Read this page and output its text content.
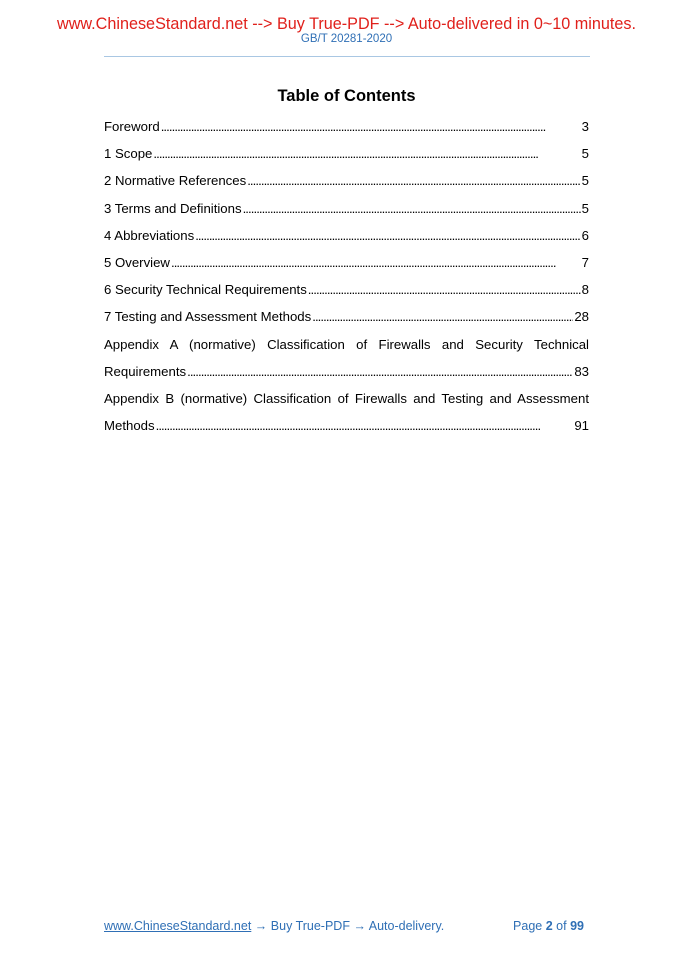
www.ChineseStandard.net --> Buy True-PDF --> Auto-delivered in 0~10 minutes.
GB/T 20281-2020
Table of Contents
Foreword . . .	3
1 Scope . . .	5
2 Normative References . . .	5
3 Terms and Definitions . . .	5
4 Abbreviations . . .	6
5 Overview . . .	7
6 Security Technical Requirements . . .	8
7 Testing and Assessment Methods . . .	28
Appendix A (normative) Classification of Firewalls and Security Technical
Requirements . . .	83
Appendix B (normative) Classification of Firewalls and Testing and Assessment
Methods . . .	91
www.ChineseStandard.net → Buy True-PDF → Auto-delivery.	Page 2 of 99
